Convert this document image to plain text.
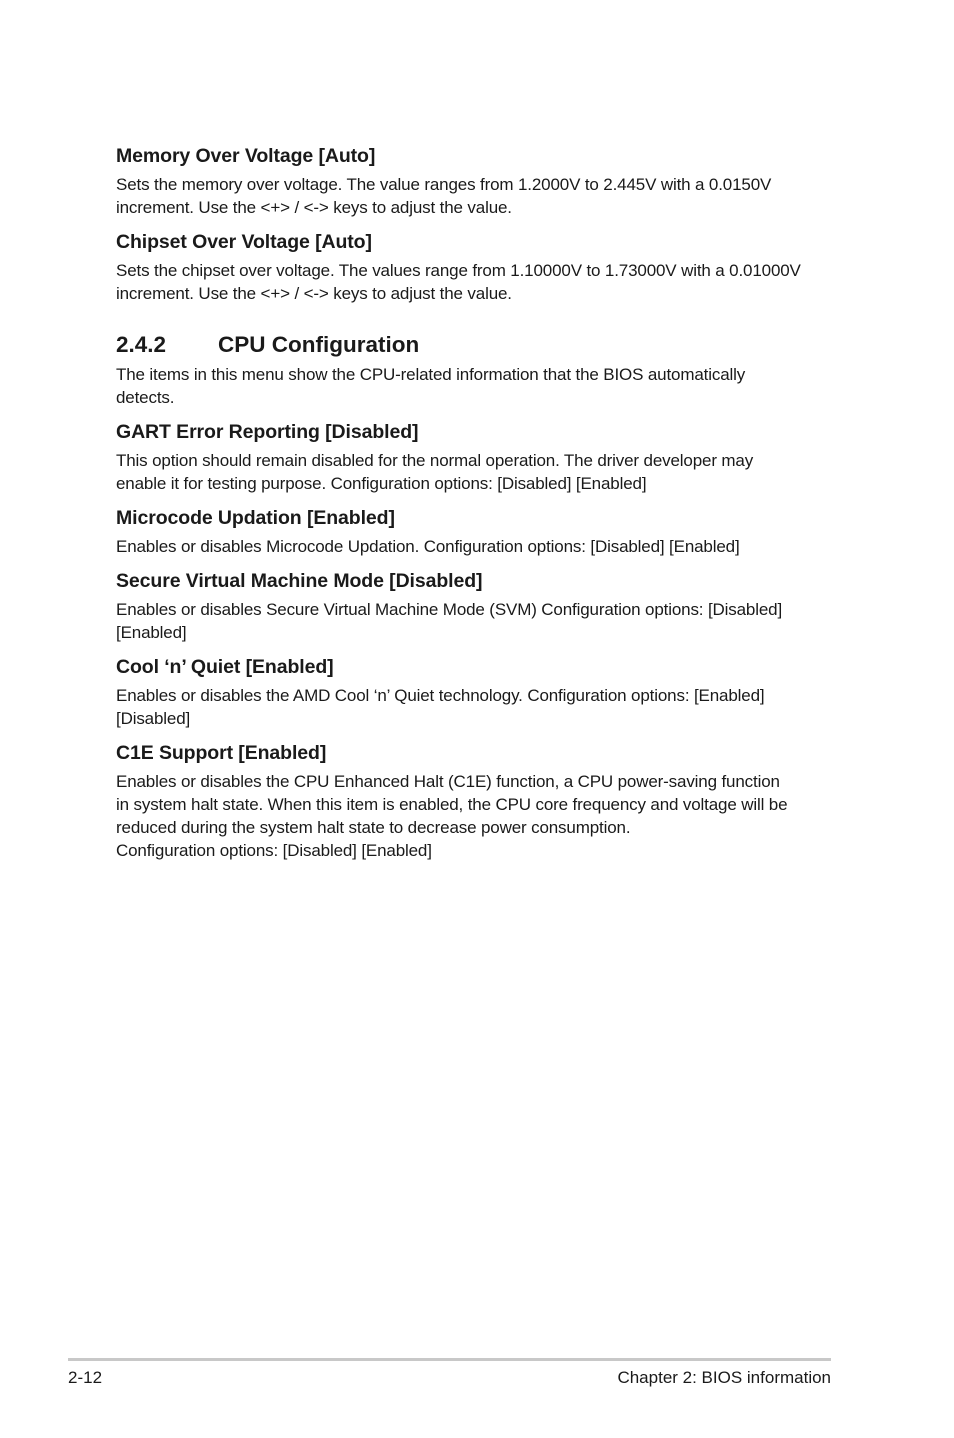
Memory Over Voltage [Auto]
Sets the memory over voltage. The value ranges from 1.2000V to 2.445V with a 0.0150V
increment. Use the <+> / <-> keys to adjust the value.
Chipset Over Voltage [Auto]
Sets the chipset over voltage. The values range from 1.10000V to 1.73000V with a 0.01000V
increment. Use the <+> / <-> keys to adjust the value.
2.4.2	CPU Configuration
The items in this menu show the CPU-related information that the BIOS automatically
detects.
GART Error Reporting [Disabled]
This option should remain disabled for the normal operation. The driver developer may
enable it for testing purpose. Configuration options: [Disabled] [Enabled]
Microcode Updation [Enabled]
Enables or disables Microcode Updation. Configuration options: [Disabled] [Enabled]
Secure Virtual Machine Mode [Disabled]
Enables or disables Secure Virtual Machine Mode (SVM) Configuration options: [Disabled]
[Enabled]
Cool ‘n’ Quiet [Enabled]
Enables or disables the AMD Cool ‘n’ Quiet technology. Configuration options: [Enabled]
[Disabled]
C1E Support [Enabled]
Enables or disables the CPU Enhanced Halt (C1E) function, a CPU power-saving function
in system halt state. When this item is enabled, the CPU core frequency and voltage will be
reduced during the system halt state to decrease power consumption.
Configuration options: [Disabled] [Enabled]
2-12	Chapter 2: BIOS information
